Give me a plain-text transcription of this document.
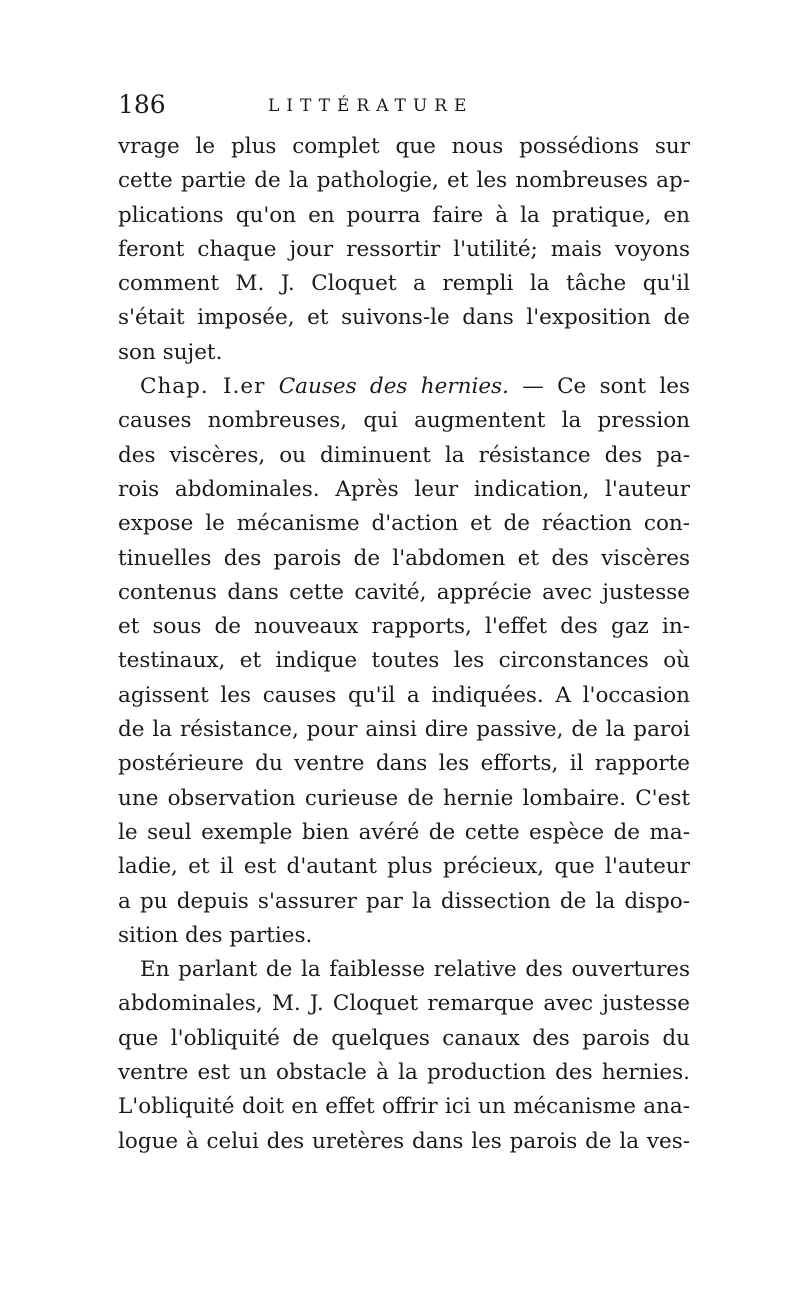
186	LITTÉRATURE
vrage le plus complet que nous possédions sur
cette partie de la pathologie, et les nombreuses ap-
plications qu'on en pourra faire à la pratique, en
feront chaque jour ressortir l'utilité; mais voyons
comment M. J. Cloquet a rempli la tâche qu'il
s'était imposée, et suivons-le dans l'exposition de
son sujet.
Chap. I.er Causes des hernies. — Ce sont les
causes nombreuses, qui augmentent la pression
des viscères, ou diminuent la résistance des pa-
rois abdominales. Après leur indication, l'auteur
expose le mécanisme d'action et de réaction con-
tinuelles des parois de l'abdomen et des viscères
contenus dans cette cavité, apprécie avec justesse
et sous de nouveaux rapports, l'effet des gaz in-
testinaux, et indique toutes les circonstances où
agissent les causes qu'il a indiquées. A l'occasion
de la résistance, pour ainsi dire passive, de la paroi
postérieure du ventre dans les efforts, il rapporte
une observation curieuse de hernie lombaire. C'est
le seul exemple bien avéré de cette espèce de ma-
ladie, et il est d'autant plus précieux, que l'auteur
a pu depuis s'assurer par la dissection de la dispo-
sition des parties.
En parlant de la faiblesse relative des ouvertures
abdominales, M. J. Cloquet remarque avec justesse
que l'obliquité de quelques canaux des parois du
ventre est un obstacle à la production des hernies.
L'obliquité doit en effet offrir ici un mécanisme ana-
logue à celui des uretères dans les parois de la ves-
